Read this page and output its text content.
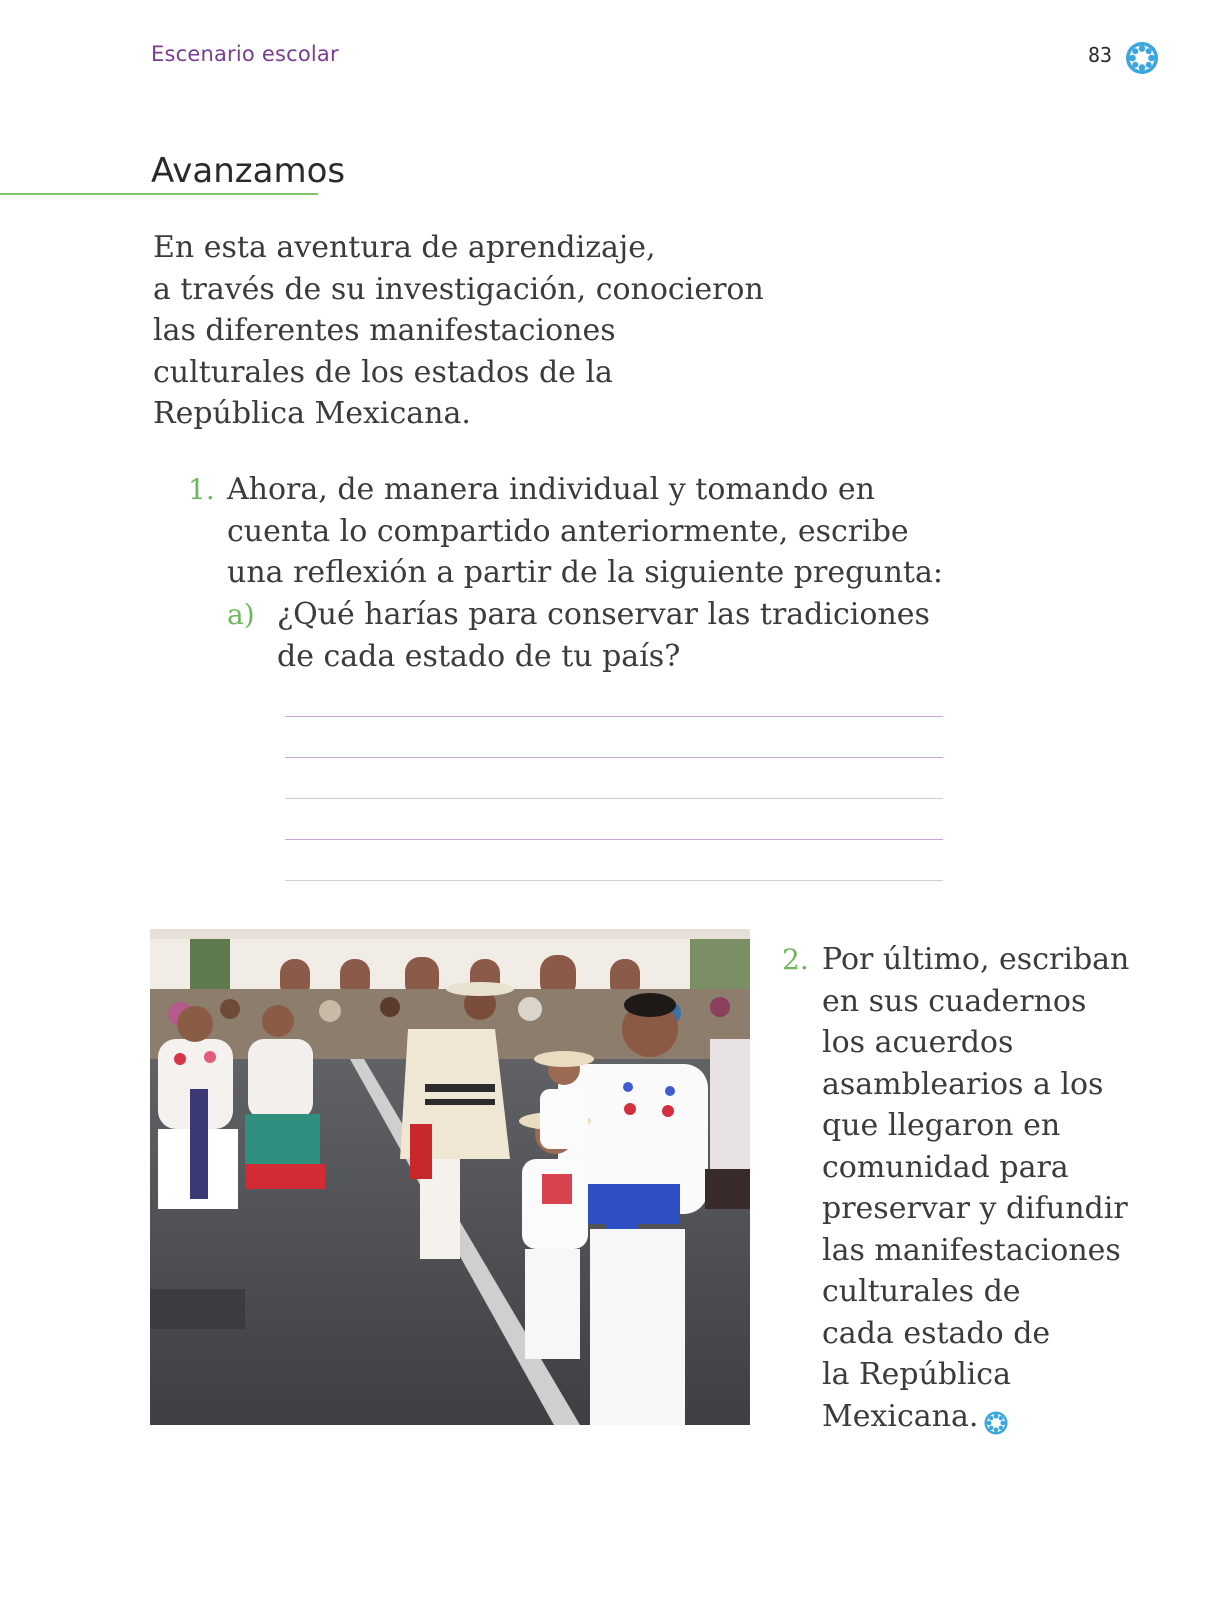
Escenario escolar	83
Avanzamos
En esta aventura de aprendizaje,
a través de su investigación, conocieron
las diferentes manifestaciones
culturales de los estados de la
República Mexicana.
1. Ahora, de manera individual y tomando en
cuenta lo compartido anteriormente, escribe
una reflexión a partir de la siguiente pregunta:
a) ¿Qué harías para conservar las tradiciones
de cada estado de tu país?
2. Por último, escriban
en sus cuadernos
los acuerdos
asamblearios a los
que llegaron en
comunidad para
preservar y difundir
las manifestaciones
culturales de
cada estado de
la República
Mexicana.
